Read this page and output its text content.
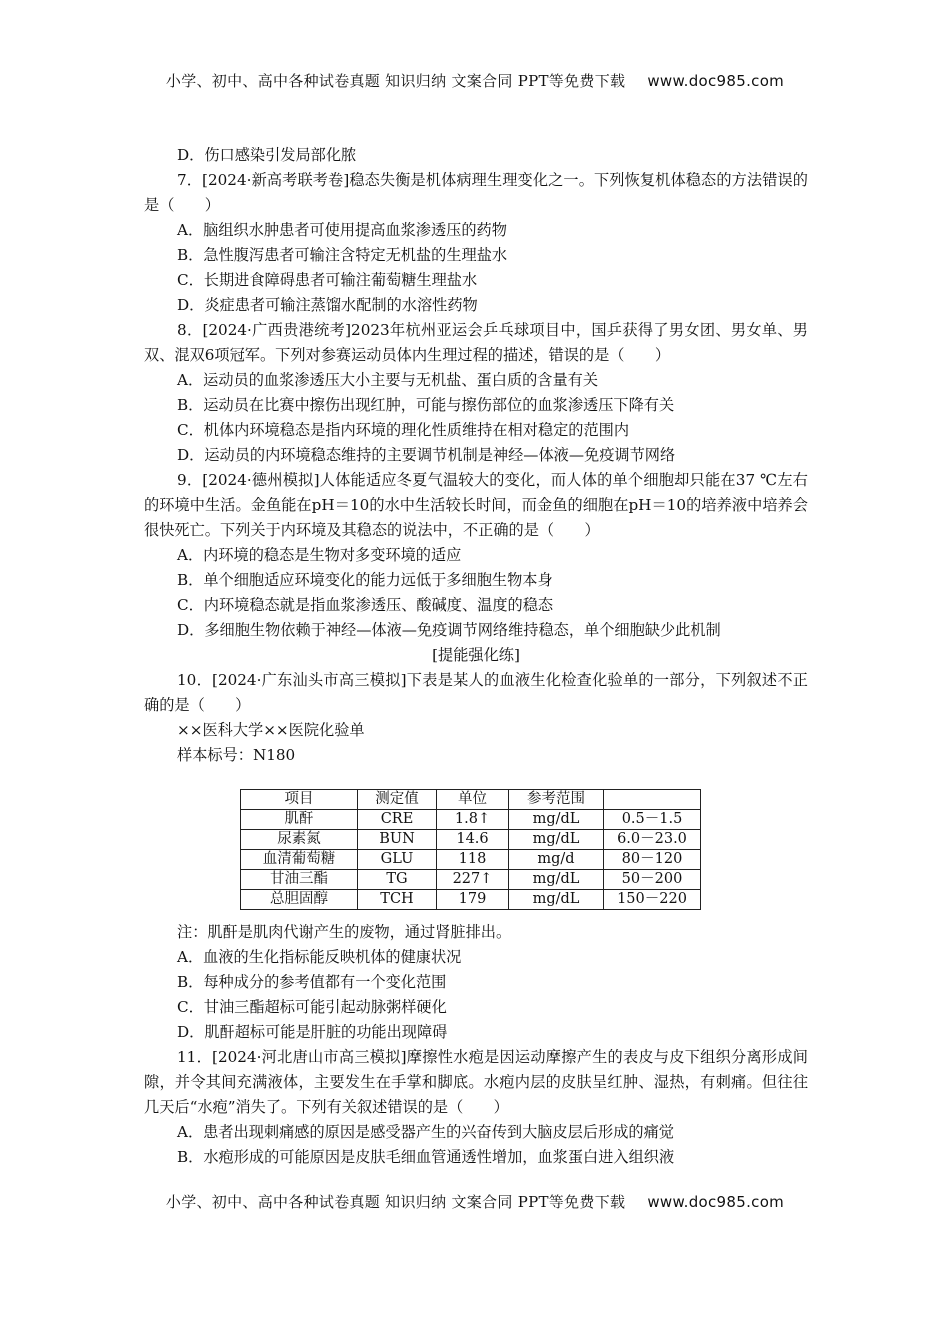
小学、初中、高中各种试卷真题 知识归纳 文案合同 PPT等免费下载 www.doc985.com

D．伤口感染引发局部化脓

7．[2024·新高考联考卷]稳态失衡是机体病理生理变化之一。下列恢复机体稳态的方法错误的是（　　）

A．脑组织水肿患者可使用提高血浆渗透压的药物

B．急性腹泻患者可输注含特定无机盐的生理盐水

C．长期进食障碍患者可输注葡萄糖生理盐水

D．炎症患者可输注蒸馏水配制的水溶性药物

8．[2024·广西贵港统考]2023年杭州亚运会乒乓球项目中，国乒获得了男女团、男女单、男双、混双6项冠军。下列对参赛运动员体内生理过程的描述，错误的是（　　）

A．运动员的血浆渗透压大小主要与无机盐、蛋白质的含量有关

B．运动员在比赛中擦伤出现红肿，可能与擦伤部位的血浆渗透压下降有关

C．机体内环境稳态是指内环境的理化性质维持在相对稳定的范围内

D．运动员的内环境稳态维持的主要调节机制是神经—体液—免疫调节网络

9．[2024·德州模拟]人体能适应冬夏气温较大的变化，而人体的单个细胞却只能在37 ℃左右的环境中生活。金鱼能在pH＝10的水中生活较长时间，而金鱼的细胞在pH＝10的培养液中培养会很快死亡。下列关于内环境及其稳态的说法中，不正确的是（　　）

A．内环境的稳态是生物对多变环境的适应

B．单个细胞适应环境变化的能力远低于多细胞生物本身

C．内环境稳态就是指血浆渗透压、酸碱度、温度的稳态

D．多细胞生物依赖于神经—体液—免疫调节网络维持稳态，单个细胞缺少此机制

[提能强化练]

10．[2024·广东汕头市高三模拟]下表是某人的血液生化检查化验单的一部分，下列叙述不正确的是（　　）

××医科大学××医院化验单

样本标号：N180

项目	测定值	单位	参考范围	
肌酐	CRE	1.8↑	mg/dL	0.5－1.5
尿素氮	BUN	14.6	mg/dL	6.0－23.0
血清葡萄糖	GLU	118	mg/d	80－120
甘油三酯	TG	227↑	mg/dL	50－200
总胆固醇	TCH	179	mg/dL	150－220

注：肌酐是肌肉代谢产生的废物，通过肾脏排出。

A．血液的生化指标能反映机体的健康状况

B．每种成分的参考值都有一个变化范围

C．甘油三酯超标可能引起动脉粥样硬化

D．肌酐超标可能是肝脏的功能出现障碍

11．[2024·河北唐山市高三模拟]摩擦性水疱是因运动摩擦产生的表皮与皮下组织分离形成间隙，并令其间充满液体，主要发生在手掌和脚底。水疱内层的皮肤呈红肿、湿热，有刺痛。但往往几天后“水疱”消失了。下列有关叙述错误的是（　　）

A．患者出现刺痛感的原因是感受器产生的兴奋传到大脑皮层后形成的痛觉

B．水疱形成的可能原因是皮肤毛细血管通透性增加，血浆蛋白进入组织液

小学、初中、高中各种试卷真题 知识归纳 文案合同 PPT等免费下载 www.doc985.com
